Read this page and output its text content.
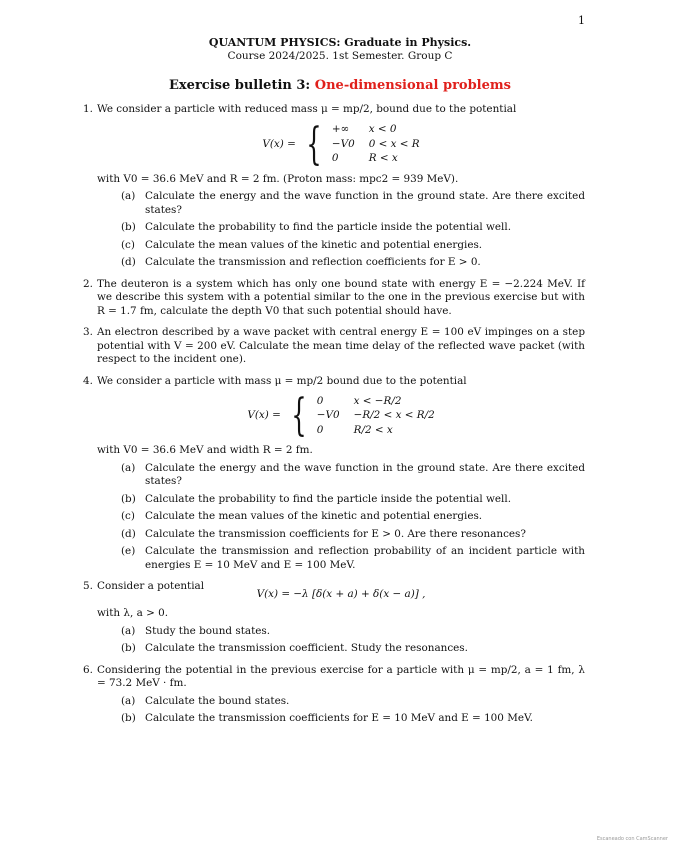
1
QUANTUM PHYSICS: Graduate in Physics.
Course 2024/2025. 1st Semester. Group C
Exercise bulletin 3: One-dimensional problems
1. We consider a particle with reduced mass μ = mp/2, bound due to the potential
V(x) = { +∞	x < 0
−V0 0 < x < R
0	R < x
with V0 = 36.6 MeV and R = 2 fm. (Proton mass: mpc2 = 939 MeV).
(a) Calculate the energy and the wave function in the ground state. Are there excited states?
(b) Calculate the probability to find the particle inside the potential well.
(c) Calculate the mean values of the kinetic and potential energies.
(d) Calculate the transmission and reflection coefficients for E > 0.
2. The deuteron is a system which has only one bound state with energy E = −2.224 MeV. If we describe this system with a potential similar to the one in the previous exercise but with R = 1.7 fm, calculate the depth V0 that such potential should have.
3. An electron described by a wave packet with central energy E = 100 eV impinges on a step potential with V = 200 eV. Calculate the mean time delay of the reflected wave packet (with respect to the incident one).
4. We consider a particle with mass μ = mp/2 bound due to the potential
V(x) = { 0	x < −R/2
−V0 −R/2 < x < R/2
0	R/2 < x
with V0 = 36.6 MeV and width R = 2 fm.
(a) Calculate the energy and the wave function in the ground state. Are there excited states?
(b) Calculate the probability to find the particle inside the potential well.
(c) Calculate the mean values of the kinetic and potential energies.
(d) Calculate the transmission coefficients for E > 0. Are there resonances?
(e) Calculate the transmission and reflection probability of an incident particle with energies E = 10 MeV and E = 100 MeV.
5. Consider a potential
V(x) = −λ [δ(x + a) + δ(x − a)] ,
with λ, a > 0.
(a) Study the bound states.
(b) Calculate the transmission coefficient. Study the resonances.
6. Considering the potential in the previous exercise for a particle with μ = mp/2, a = 1 fm, λ = 73.2 MeV · fm.
(a) Calculate the bound states.
(b) Calculate the transmission coefficients for E = 10 MeV and E = 100 MeV.
Escaneado con CamScanner
